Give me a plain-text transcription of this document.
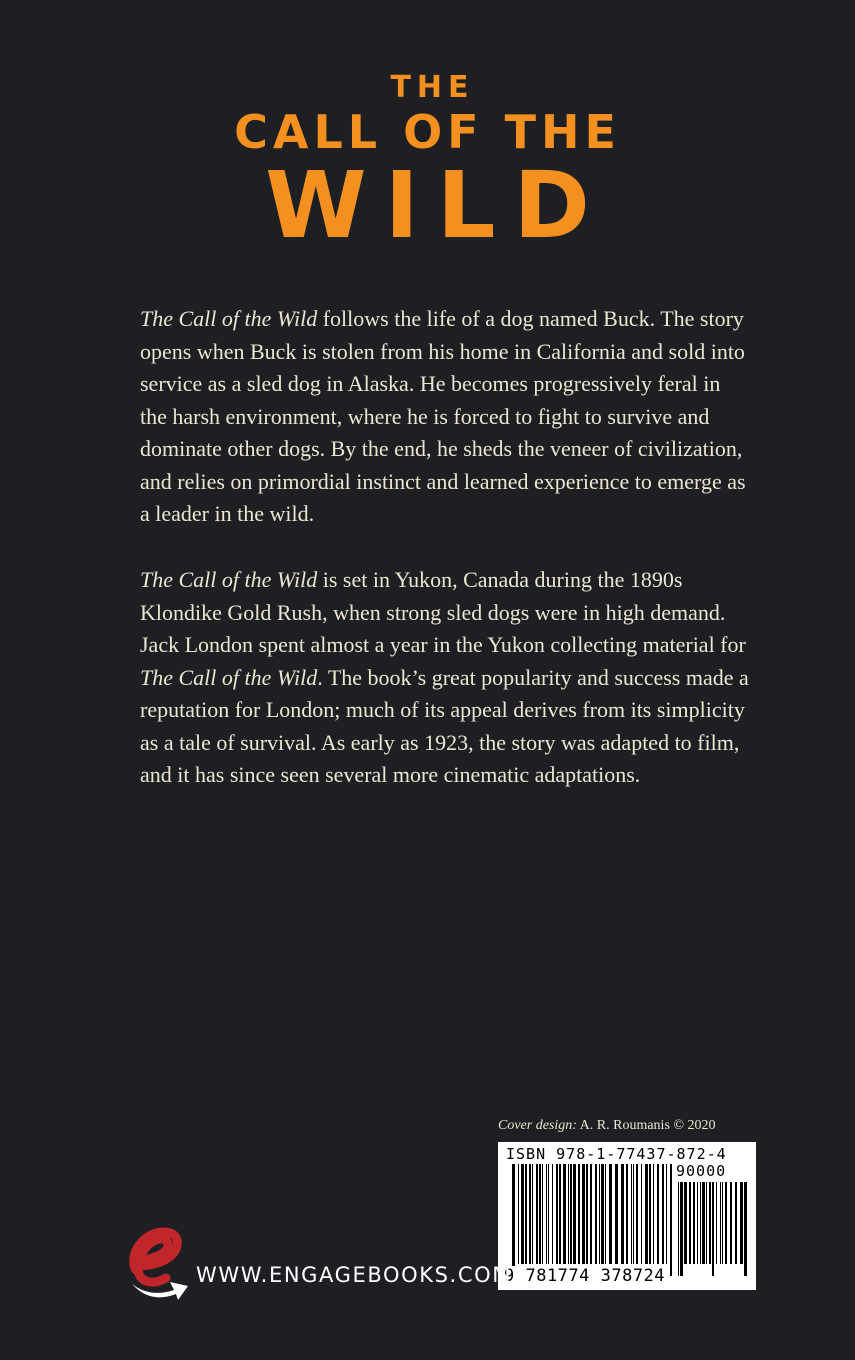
THE
CALL OF THE
WILD

The Call of the Wild follows the life of a dog named Buck. The story opens when Buck is stolen from his home in California and sold into service as a sled dog in Alaska. He becomes progressively feral in the harsh environment, where he is forced to fight to survive and dominate other dogs. By the end, he sheds the veneer of civilization, and relies on primordial instinct and learned experience to emerge as a leader in the wild.

The Call of the Wild is set in Yukon, Canada during the 1890s Klondike Gold Rush, when strong sled dogs were in high demand. Jack London spent almost a year in the Yukon collecting material for The Call of the Wild. The book’s great popularity and success made a reputation for London; much of its appeal derives from its simplicity as a tale of survival. As early as 1923, the story was adapted to film, and it has since seen several more cinematic adaptations.

Cover design: A. R. Roumanis © 2020
ISBN 978-1-77437-872-4
90000
9 781774 378724
WWW.ENGAGEBOOKS.COM
